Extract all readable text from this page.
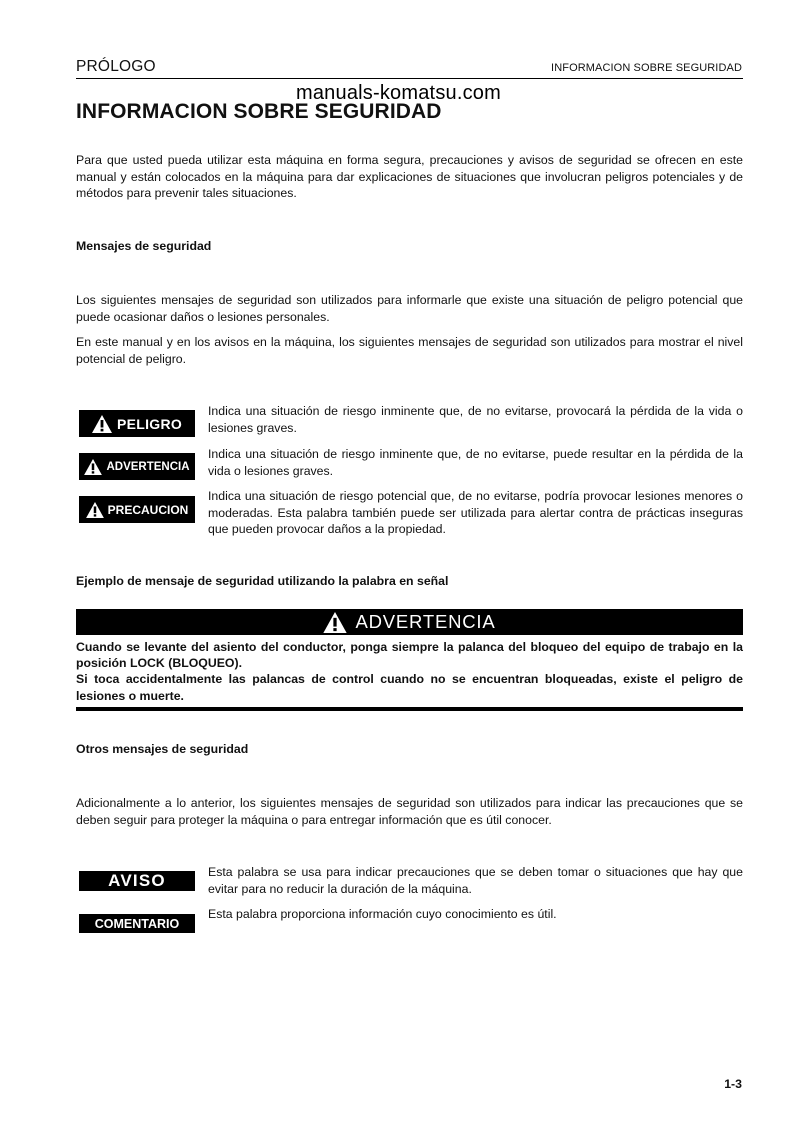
PRÓLOGO	INFORMACION SOBRE SEGURIDAD
manuals-komatsu.com
INFORMACION SOBRE SEGURIDAD

Para que usted pueda utilizar esta máquina en forma segura, precauciones y avisos de seguridad se ofrecen en este manual y están colocados en la máquina para dar explicaciones de situaciones que involucran peligros potenciales y de métodos para prevenir tales situaciones.

Mensajes de seguridad

Los siguientes mensajes de seguridad son utilizados para informarle que existe una situación de peligro potencial que puede ocasionar daños o lesiones personales.

En este manual y en los avisos en la máquina, los siguientes mensajes de seguridad son utilizados para mostrar el nivel potencial de peligro.

PELIGRO

Indica una situación de riesgo inminente que, de no evitarse, provocará la pérdida de la vida o lesiones graves.

ADVERTENCIA

Indica una situación de riesgo inminente que, de no evitarse, puede resultar en la pérdida de la vida o lesiones graves.

PRECAUCION

Indica una situación de riesgo potencial que, de no evitarse, podría provocar lesiones menores o moderadas. Esta palabra también puede ser utilizada para alertar contra de prácticas inseguras que pueden provocar daños a la propiedad.

Ejemplo de mensaje de seguridad utilizando la palabra en señal
ADVERTENCIA
Cuando se levante del asiento del conductor, ponga siempre la palanca del bloqueo del equipo de trabajo en la posición LOCK (BLOQUEO).
Si toca accidentalmente las palancas de control cuando no se encuentran bloqueadas, existe el peligro de lesiones o muerte.
Otros mensajes de seguridad

Adicionalmente a lo anterior, los siguientes mensajes de seguridad son utilizados para indicar las precauciones que se deben seguir para proteger la máquina o para entregar información que es útil conocer.

AVISO	Esta palabra se usa para indicar precauciones que se deben tomar o situaciones que hay que evitar para no reducir la duración de la máquina.

COMENTARIO

Esta palabra proporciona información cuyo conocimiento es útil.

1-3
